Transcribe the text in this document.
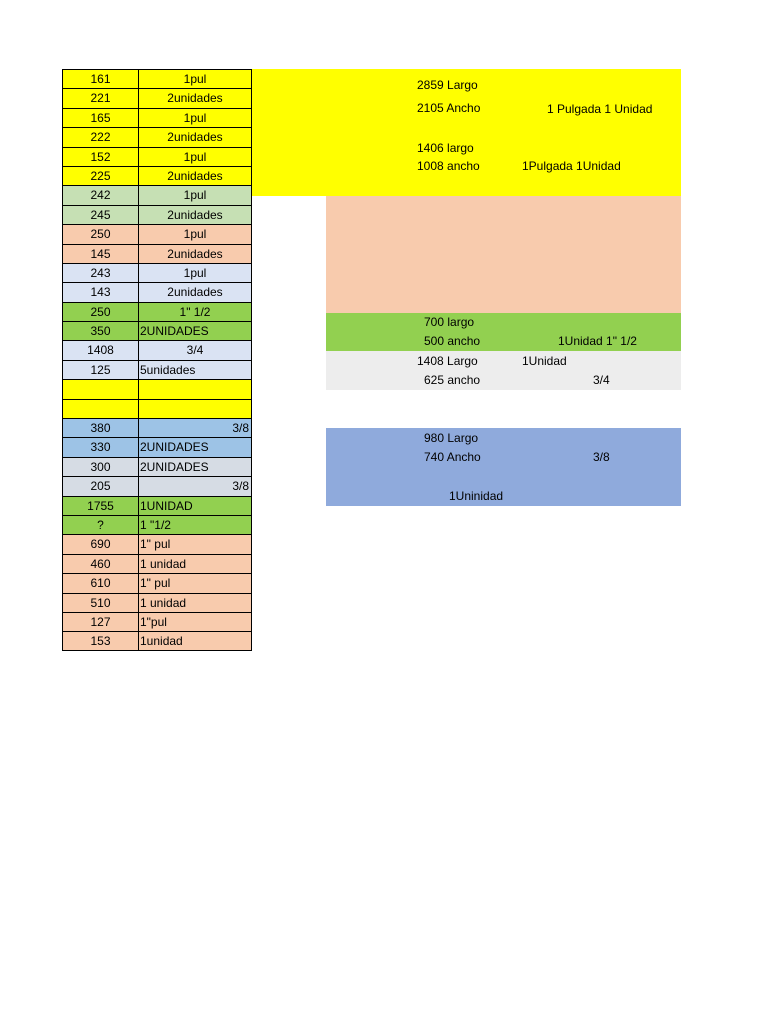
161	1pul
221	2unidades
165	1pul
222	2unidades
152	1pul
225	2unidades
242	1pul
245	2unidades
250	1pul
145	2unidades
243	1pul
143	2unidades
250	1" 1/2
350	2UNIDADES
1408	3/4
125	5unidades
380	3/8
330	2UNIDADES
300	2UNIDADES
205	3/8
1755	1UNIDAD
?	1 "1/2
690	1" pul
460	1 unidad
610	1" pul
510	1 unidad
127	1"pul
153	1unidad
2859 Largo
2105 Ancho	1 Pulgada 1 Unidad
1406 largo
1008 ancho	1Pulgada 1Unidad
700 largo
500 ancho	1Unidad 1" 1/2
1408 Largo	1Unidad
625 ancho	3/4
980 Largo
740 Ancho	3/8
1Uninidad
